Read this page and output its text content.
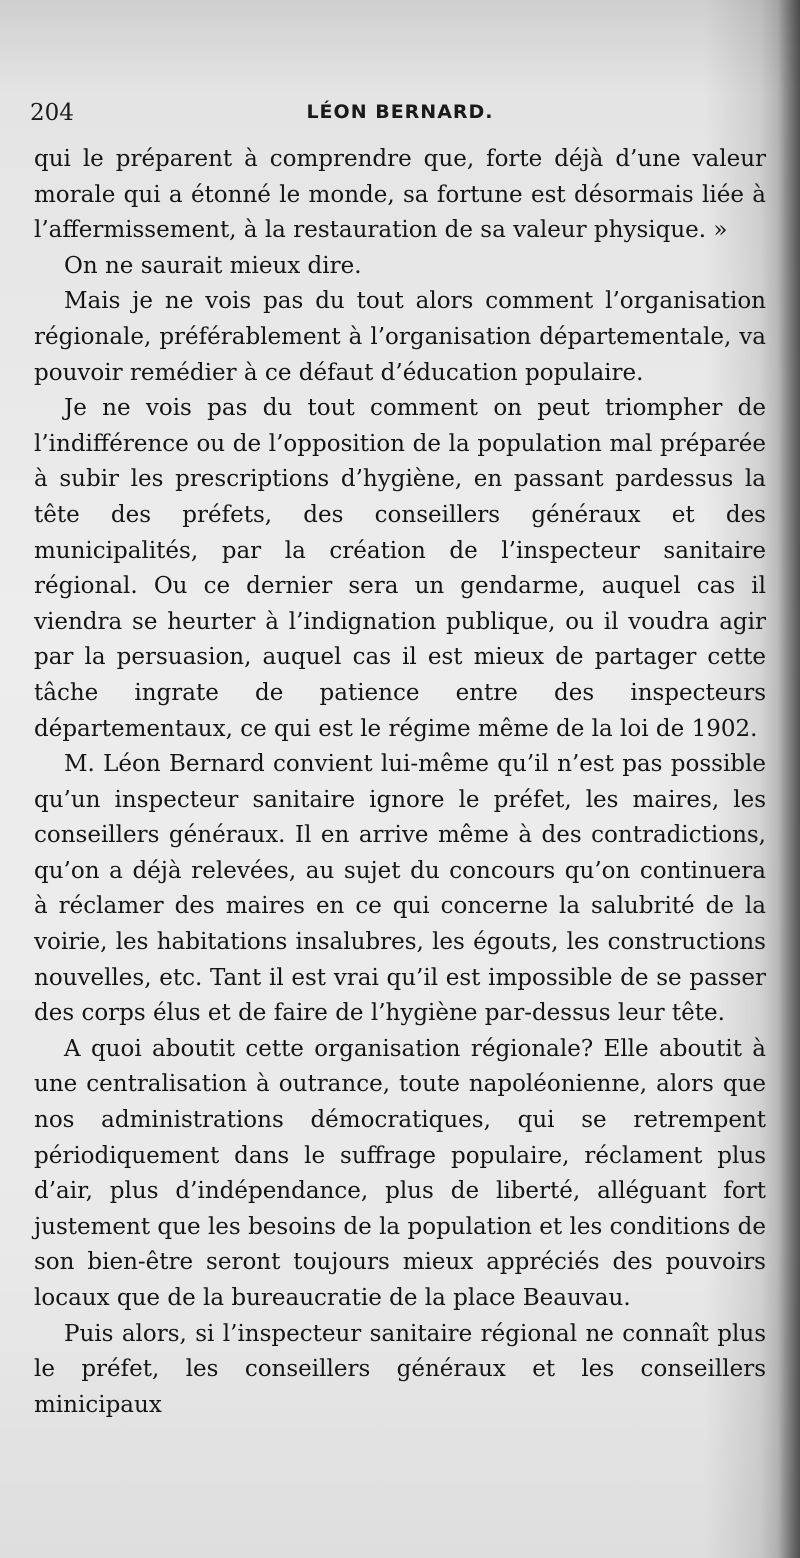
204	LÉON BERNARD.

qui le préparent à comprendre que, forte déjà d’une valeur morale qui a étonné le monde, sa fortune est désormais liée à l’affermissement, à la restauration de sa valeur physique. »

On ne saurait mieux dire.

Mais je ne vois pas du tout alors comment l’organisation régionale, préférablement à l’organisation départementale, va pouvoir remédier à ce défaut d’éducation populaire.

Je ne vois pas du tout comment on peut triompher de l’indifférence ou de l’opposition de la population mal préparée à subir les prescriptions d’hygiène, en passant pardessus la tête des préfets, des conseillers généraux et des municipalités, par la création de l’inspecteur sanitaire régional. Ou ce dernier sera un gendarme, auquel cas il viendra se heurter à l’indignation publique, ou il voudra agir par la persuasion, auquel cas il est mieux de partager cette tâche ingrate de patience entre des inspecteurs départementaux, ce qui est le régime même de la loi de 1902.

M. Léon Bernard convient lui-même qu’il n’est pas possible qu’un inspecteur sanitaire ignore le préfet, les maires, les conseillers généraux. Il en arrive même à des contradictions, qu’on a déjà relevées, au sujet du concours qu’on continuera à réclamer des maires en ce qui concerne la salubrité de la voirie, les habitations insalubres, les égouts, les constructions nouvelles, etc. Tant il est vrai qu’il est impossible de se passer des corps élus et de faire de l’hygiène par-dessus leur tête.

A quoi aboutit cette organisation régionale? Elle aboutit à une centralisation à outrance, toute napoléonienne, alors que nos administrations démocratiques, qui se retrempent périodiquement dans le suffrage populaire, réclament plus d’air, plus d’indépendance, plus de liberté, alléguant fort justement que les besoins de la population et les conditions de son bien-être seront toujours mieux appréciés des pouvoirs locaux que de la bureaucratie de la place Beauvau.

Puis alors, si l’inspecteur sanitaire régional ne connaît plus le préfet, les conseillers généraux et les conseillers minicipaux
